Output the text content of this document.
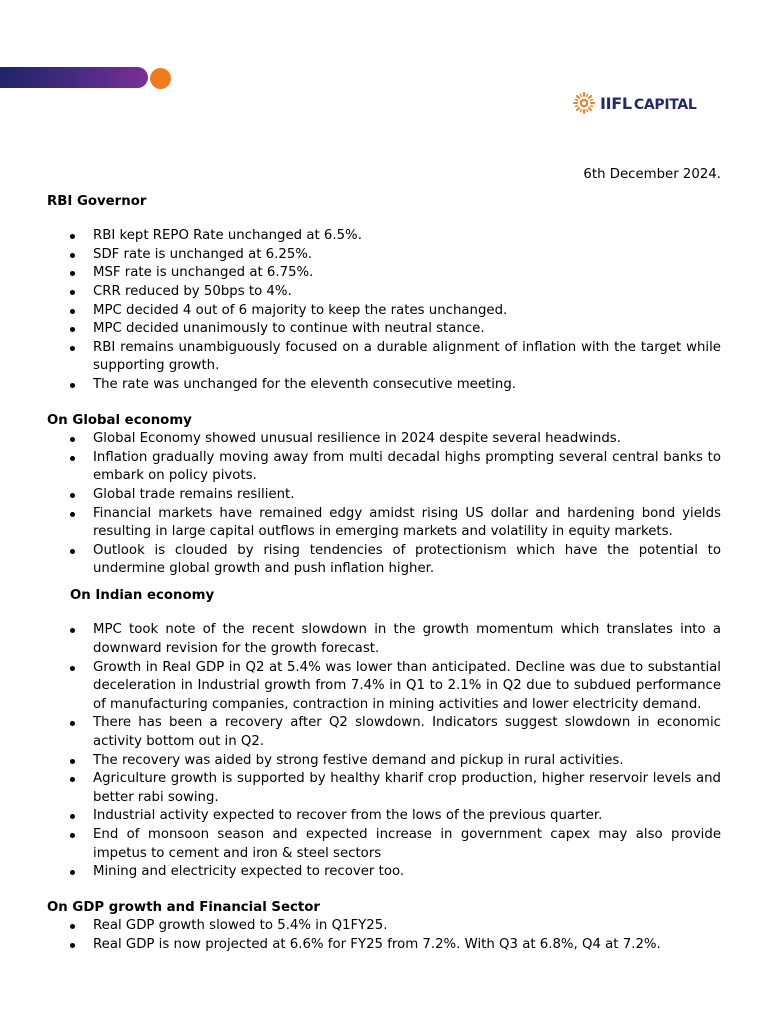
IIFL CAPITAL

6th December 2024.

RBI Governor

RBI kept REPO Rate unchanged at 6.5%.
SDF rate is unchanged at 6.25%.
MSF rate is unchanged at 6.75%.
CRR reduced by 50bps to 4%.
MPC decided 4 out of 6 majority to keep the rates unchanged.
MPC decided unanimously to continue with neutral stance.
RBI remains unambiguously focused on a durable alignment of inflation with the target while supporting growth.
The rate was unchanged for the eleventh consecutive meeting.

On Global economy

Global Economy showed unusual resilience in 2024 despite several headwinds.
Inflation gradually moving away from multi decadal highs prompting several central banks to embark on policy pivots.
Global trade remains resilient.
Financial markets have remained edgy amidst rising US dollar and hardening bond yields resulting in large capital outflows in emerging markets and volatility in equity markets.
Outlook is clouded by rising tendencies of protectionism which have the potential to undermine global growth and push inflation higher.

On Indian economy

MPC took note of the recent slowdown in the growth momentum which translates into a downward revision for the growth forecast.
Growth in Real GDP in Q2 at 5.4% was lower than anticipated. Decline was due to substantial deceleration in Industrial growth from 7.4% in Q1 to 2.1% in Q2 due to subdued performance of manufacturing companies, contraction in mining activities and lower electricity demand.
There has been a recovery after Q2 slowdown. Indicators suggest slowdown in economic activity bottom out in Q2.
The recovery was aided by strong festive demand and pickup in rural activities.
Agriculture growth is supported by healthy kharif crop production, higher reservoir levels and better rabi sowing.
Industrial activity expected to recover from the lows of the previous quarter.
End of monsoon season and expected increase in government capex may also provide impetus to cement and iron & steel sectors
Mining and electricity expected to recover too.

On GDP growth and Financial Sector

Real GDP growth slowed to 5.4% in Q1FY25.
Real GDP is now projected at 6.6% for FY25 from 7.2%. With Q3 at 6.8%, Q4 at 7.2%.
